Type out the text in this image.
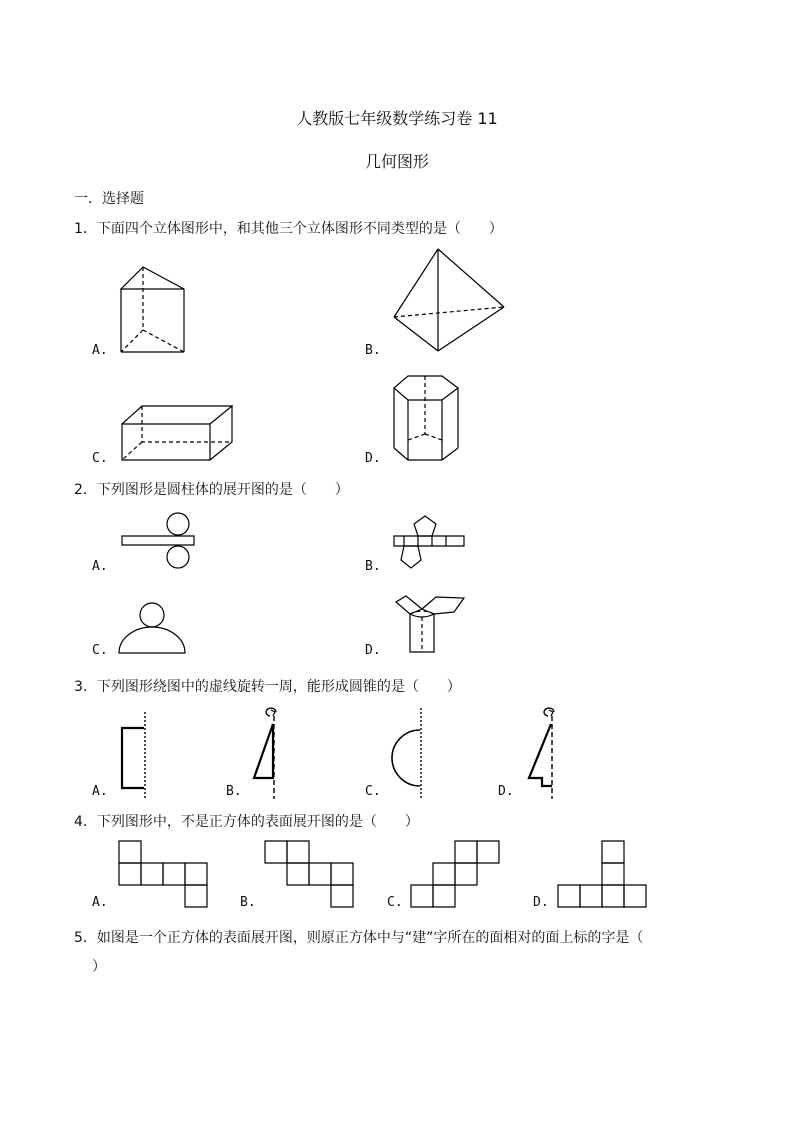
人教版七年级数学练习卷 11
几何图形
一．选择题
1．下面四个立体图形中，和其他三个立体图形不同类型的是（　　）
A.	B.
C.	D.
2．下列图形是圆柱体的展开图的是（　　）
A.	B.
C.	D.
3．下列图形绕图中的虚线旋转一周，能形成圆锥的是（　　）
A.	B.	C.	D.
4．下列图形中，不是正方体的表面展开图的是（　　）
A.	B.	C.	D.
5．如图是一个正方体的表面展开图，则原正方体中与“建”字所在的面相对的面上标的字是（
）
